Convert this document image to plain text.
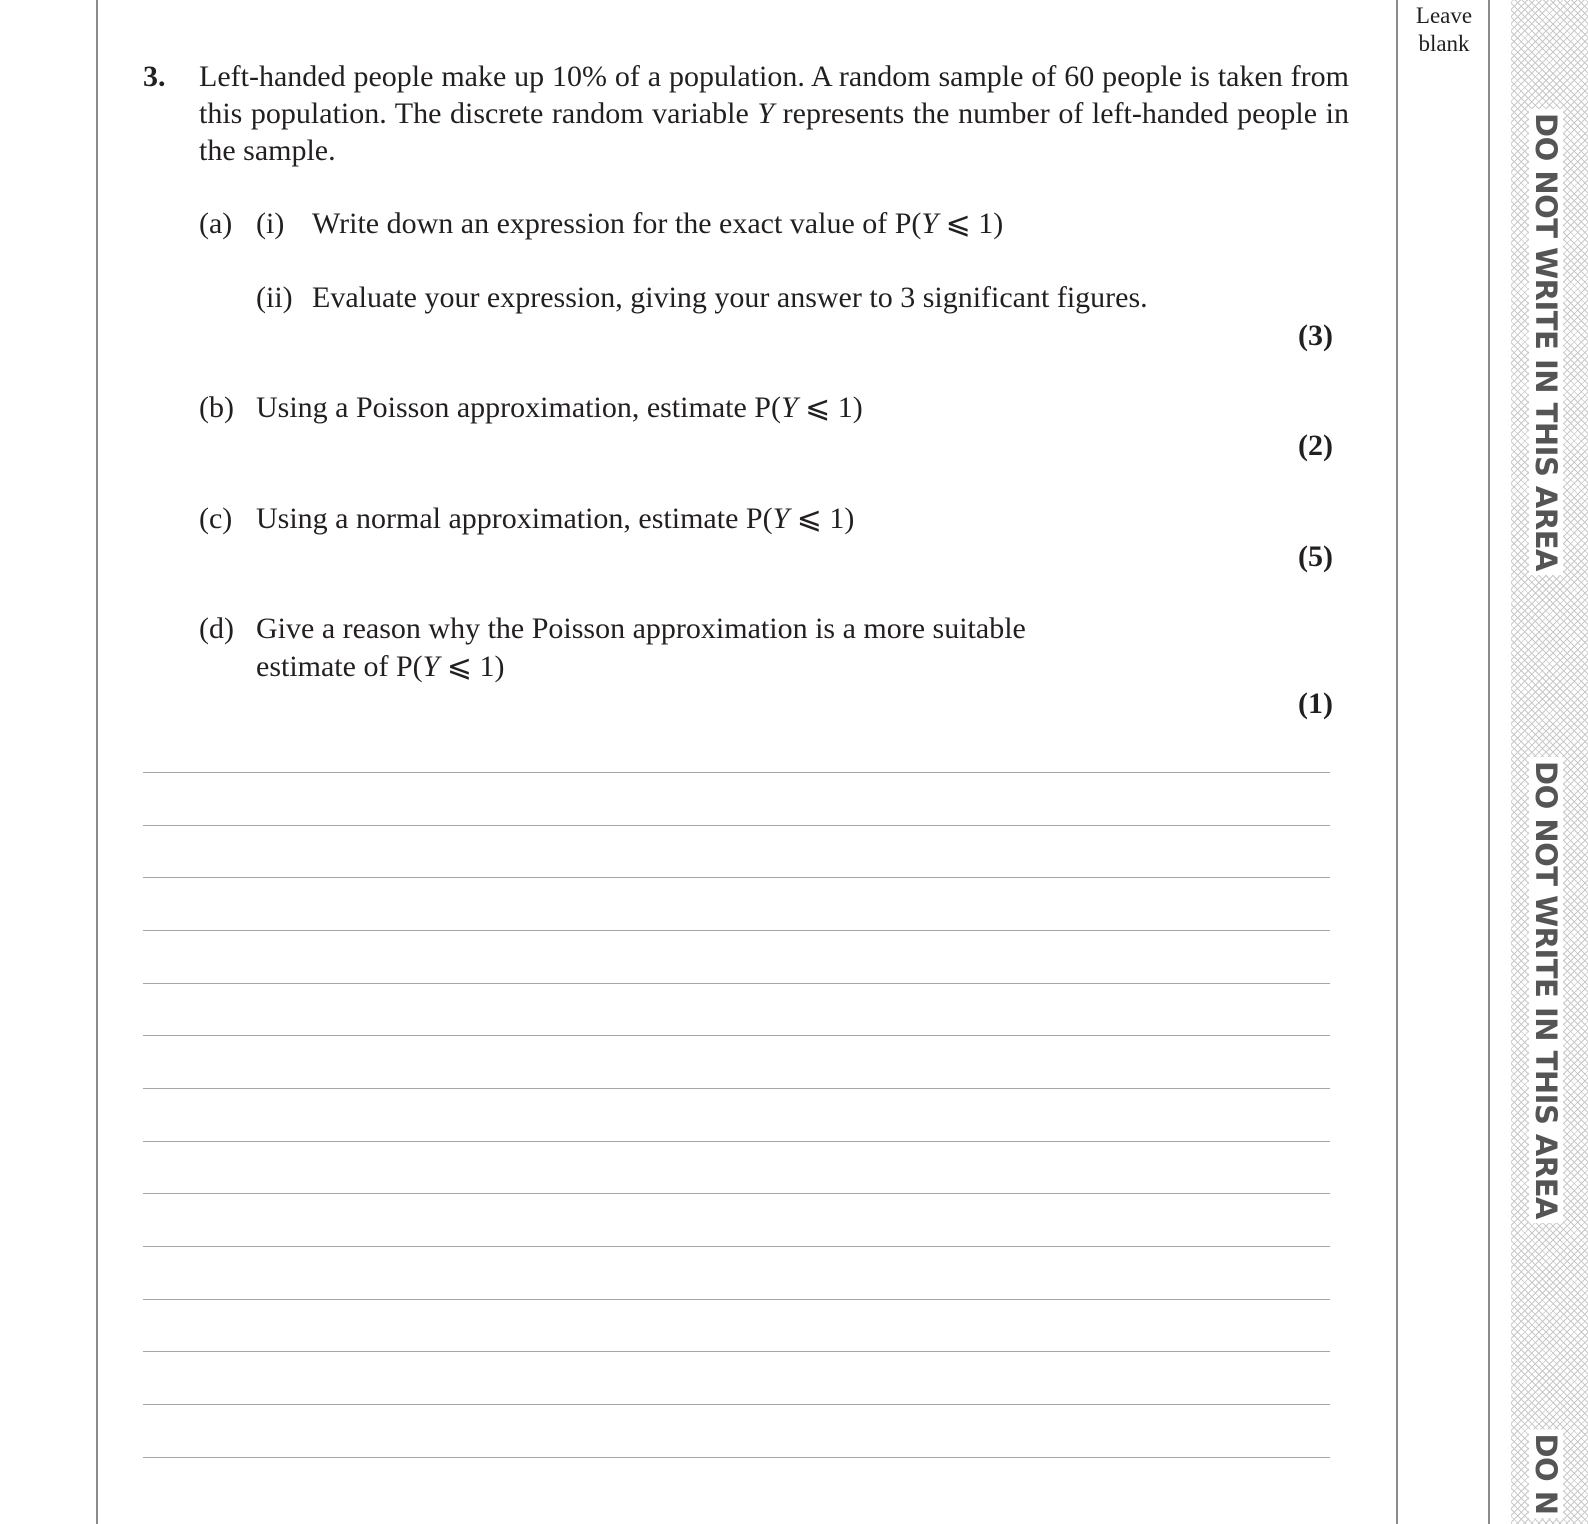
Leave
blank
DO NOT WRITE IN THIS AREA
DO NOT WRITE IN THIS AREA
DO N
3. Left-handed people make up 10% of a population. A random sample of 60 people is taken from this population. The discrete random variable Y represents the number of left-handed people in the sample.
(a) (i) Write down an expression for the exact value of P(Y ⩽ 1)
(ii) Evaluate your expression, giving your answer to 3 significant figures.
(3)
(b) Using a Poisson approximation, estimate P(Y ⩽ 1)
(2)
(c) Using a normal approximation, estimate P(Y ⩽ 1)
(5)
(d) Give a reason why the Poisson approximation is a more suitable
estimate of P(Y ⩽ 1)
(1)
